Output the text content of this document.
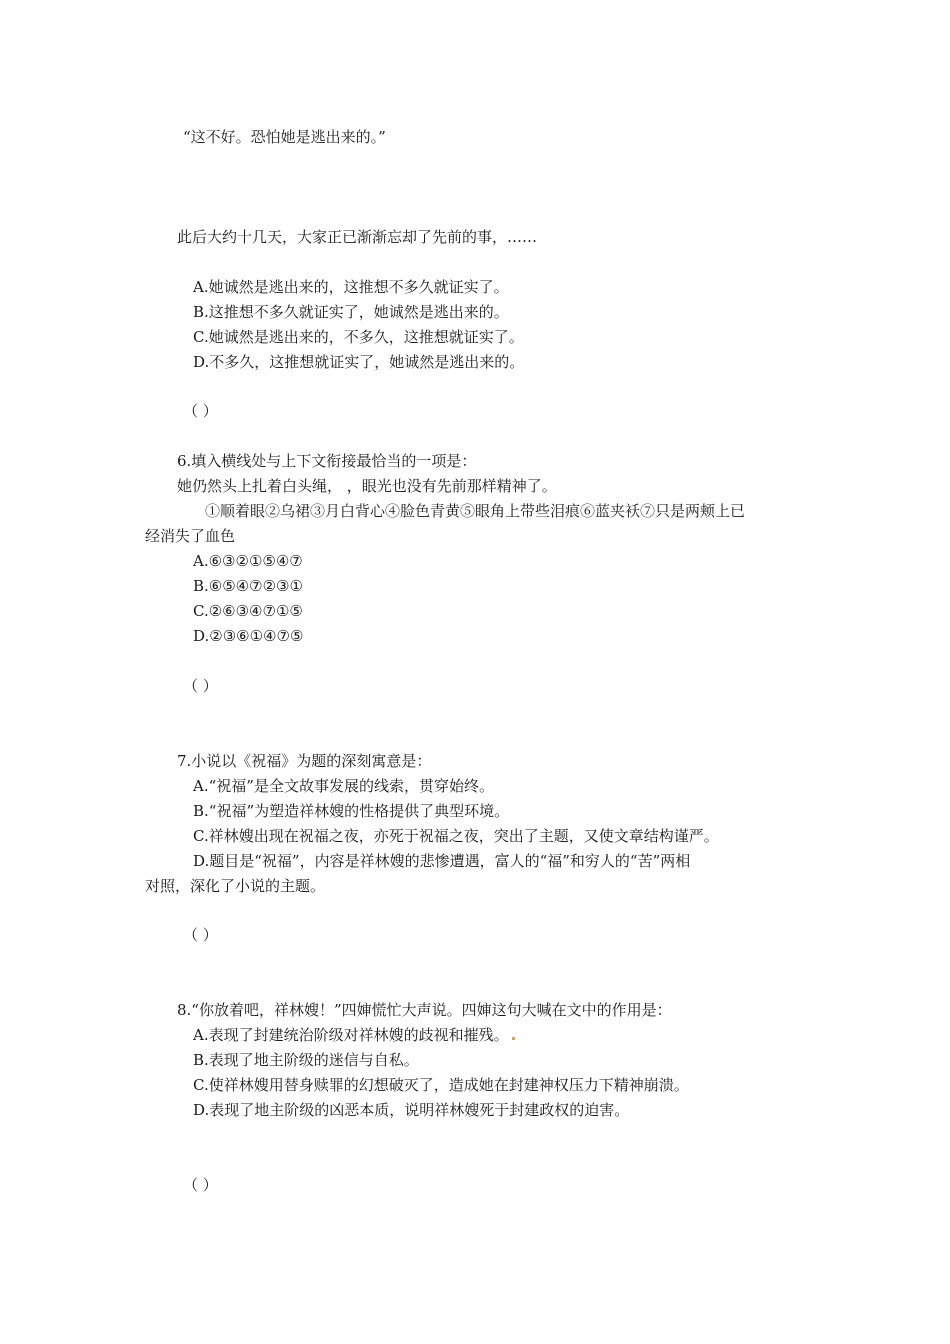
“这不好。恐怕她是逃出来的。”
此后大约十几天，大家正已渐渐忘却了先前的事，……
A.她诚然是逃出来的，这推想不多久就证实了。
B.这推想不多久就证实了，她诚然是逃出来的。
C.她诚然是逃出来的，不多久，这推想就证实了。
D.不多久，这推想就证实了，她诚然是逃出来的。
（ ）
6.填入横线处与上下文衔接最恰当的一项是：
她仍然头上扎着白头绳， ，眼光也没有先前那样精神了。
①顺着眼②乌裙③月白背心④脸色青黄⑤眼角上带些泪痕⑥蓝夹袄⑦只是两颊上已
经消失了血色
A.⑥③②①⑤④⑦
B.⑥⑤④⑦②③①
C.②⑥③④⑦①⑤
D.②③⑥①④⑦⑤
（ ）
7.小说以《祝福》为题的深刻寓意是：
A.“祝福”是全文故事发展的线索，贯穿始终。
B.“祝福”为塑造祥林嫂的性格提供了典型环境。
C.祥林嫂出现在祝福之夜，亦死于祝福之夜，突出了主题，又使文章结构谨严。
D.题目是“祝福”，内容是祥林嫂的悲惨遭遇，富人的“福”和穷人的“苦”两相
对照，深化了小说的主题。
（ ）
8.“你放着吧，祥林嫂！”四婶慌忙大声说。四婶这句大喊在文中的作用是：
A.表现了封建统治阶级对祥林嫂的歧视和摧残。
B.表现了地主阶级的迷信与自私。
C.使祥林嫂用替身赎罪的幻想破灭了，造成她在封建神权压力下精神崩溃。
D.表现了地主阶级的凶恶本质，说明祥林嫂死于封建政权的迫害。
（ ）
